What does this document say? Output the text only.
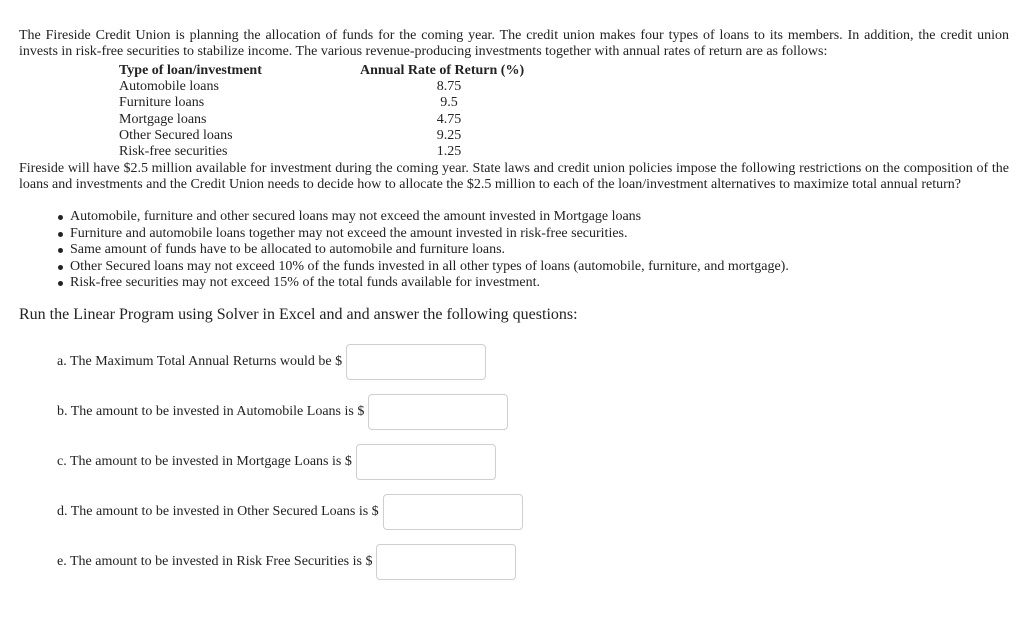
The Fireside Credit Union is planning the allocation of funds for the coming year. The credit union makes four types of loans to its members. In addition, the credit union invests in risk-free securities to stabilize income. The various revenue-producing investments together with annual rates of return are as follows:

Type of loan/investment	Annual Rate of Return (%)
Automobile loans	8.75
Furniture loans	9.5
Mortgage loans	4.75
Other Secured loans	9.25
Risk-free securities	1.25

Fireside will have $2.5 million available for investment during the coming year. State laws and credit union policies impose the following restrictions on the composition of the loans and investments and the Credit Union needs to decide how to allocate the $2.5 million to each of the loan/investment alternatives to maximize total annual return?

Automobile, furniture and other secured loans may not exceed the amount invested in Mortgage loans
Furniture and automobile loans together may not exceed the amount invested in risk-free securities.
Same amount of funds have to be allocated to automobile and furniture loans.
Other Secured loans may not exceed 10% of the funds invested in all other types of loans (automobile, furniture, and mortgage).
Risk-free securities may not exceed 15% of the total funds available for investment.

Run the Linear Program using Solver in Excel and and answer the following questions:

a. The Maximum Total Annual Returns would be $
b. The amount to be invested in Automobile Loans is $
c. The amount to be invested in Mortgage Loans is $
d. The amount to be invested in Other Secured Loans is $
e. The amount to be invested in Risk Free Securities is $
